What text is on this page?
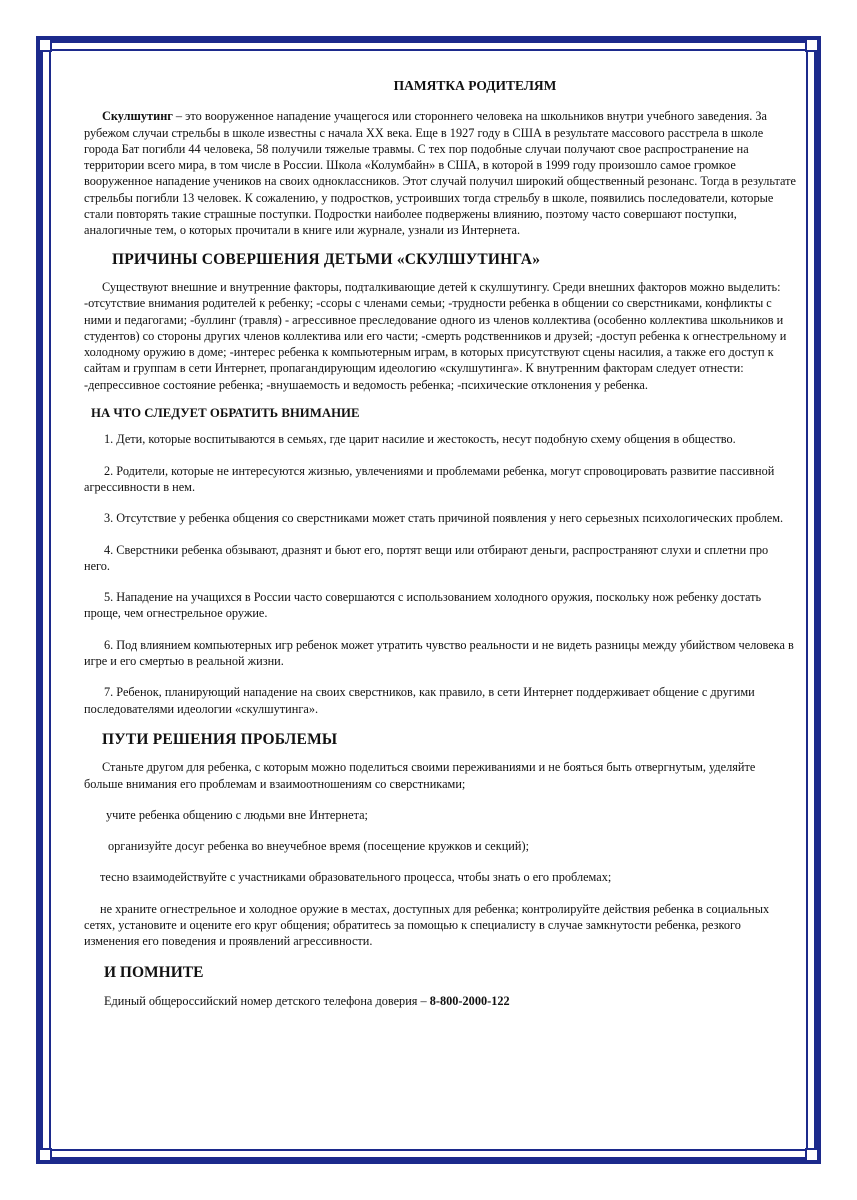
ПАМЯТКА РОДИТЕЛЯМ

Скулшутинг – это вооруженное нападение учащегося или стороннего человека на школьников внутри учебного заведения. За рубежом случаи стрельбы в школе известны с начала XX века. Еще в 1927 году в США в результате массового расстрела в школе города Бат погибли 44 человека, 58 получили тяжелые травмы. С тех пор подобные случаи получают свое распространение на территории всего мира, в том числе в России. Школа «Колумбайн» в США, в которой в 1999 году произошло самое громкое вооруженное нападение учеников на своих одноклассников. Этот случай получил широкий общественный резонанс. Тогда в результате стрельбы погибли 13 человек. К сожалению, у подростков, устроивших тогда стрельбу в школе, появились последователи, которые стали повторять такие страшные поступки. Подростки наиболее подвержены влиянию, поэтому часто совершают поступки, аналогичные тем, о которых прочитали в книге или журнале, узнали из Интернета.

ПРИЧИНЫ СОВЕРШЕНИЯ ДЕТЬМИ «СКУЛШУТИНГА»

Существуют внешние и внутренние факторы, подталкивающие детей к скулшутингу. Среди внешних факторов можно выделить: -отсутствие внимания родителей к ребенку; -ссоры с членами семьи; -трудности ребенка в общении со сверстниками, конфликты с ними и педагогами; -буллинг (травля) - агрессивное преследование одного из членов коллектива (особенно коллектива школьников и студентов) со стороны других членов коллектива или его части; -смерть родственников и друзей; -доступ ребенка к огнестрельному и холодному оружию в доме; -интерес ребенка к компьютерным играм, в которых присутствуют сцены насилия, а также его доступ к сайтам и группам в сети Интернет, пропагандирующим идеологию «скулшутинга». К внутренним факторам следует отнести: -депрессивное состояние ребенка; -внушаемость и ведомость ребенка; -психические отклонения у ребенка.

НА ЧТО СЛЕДУЕТ ОБРАТИТЬ ВНИМАНИЕ

1. Дети, которые воспитываются в семьях, где царит насилие и жестокость, несут подобную схему общения в общество.

2. Родители, которые не интересуются жизнью, увлечениями и проблемами ребенка, могут спровоцировать развитие пассивной агрессивности в нем.

3. Отсутствие у ребенка общения со сверстниками может стать причиной появления у него серьезных психологических проблем.

4. Сверстники ребенка обзывают, дразнят и бьют его, портят вещи или отбирают деньги, распространяют слухи и сплетни про него.

5. Нападение на учащихся в России часто совершаются с использованием холодного оружия, поскольку нож ребенку достать проще, чем огнестрельное оружие.

6. Под влиянием компьютерных игр ребенок может утратить чувство реальности и не видеть разницы между убийством человека в игре и его смертью в реальной жизни.

7. Ребенок, планирующий нападение на своих сверстников, как правило, в сети Интернет поддерживает общение с другими последователями идеологии «скулшутинга».

ПУТИ РЕШЕНИЯ ПРОБЛЕМЫ

Станьте другом для ребенка, с которым можно поделиться своими переживаниями и не бояться быть отвергнутым, уделяйте больше внимания его проблемам и взаимоотношениям со сверстниками;

учите ребенка общению с людьми вне Интернета;

организуйте досуг ребенка во внеучебное время (посещение кружков и секций);

тесно взаимодействуйте с участниками образовательного процесса, чтобы знать о его проблемах;

не храните огнестрельное и холодное оружие в местах, доступных для ребенка; контролируйте действия ребенка в социальных сетях, установите и оцените его круг общения; обратитесь за помощью к специалисту в случае замкнутости ребенка, резкого изменения его поведения и проявлений агрессивности.

И ПОМНИТЕ

Единый общероссийский номер детского телефона доверия – 8-800-2000-122
